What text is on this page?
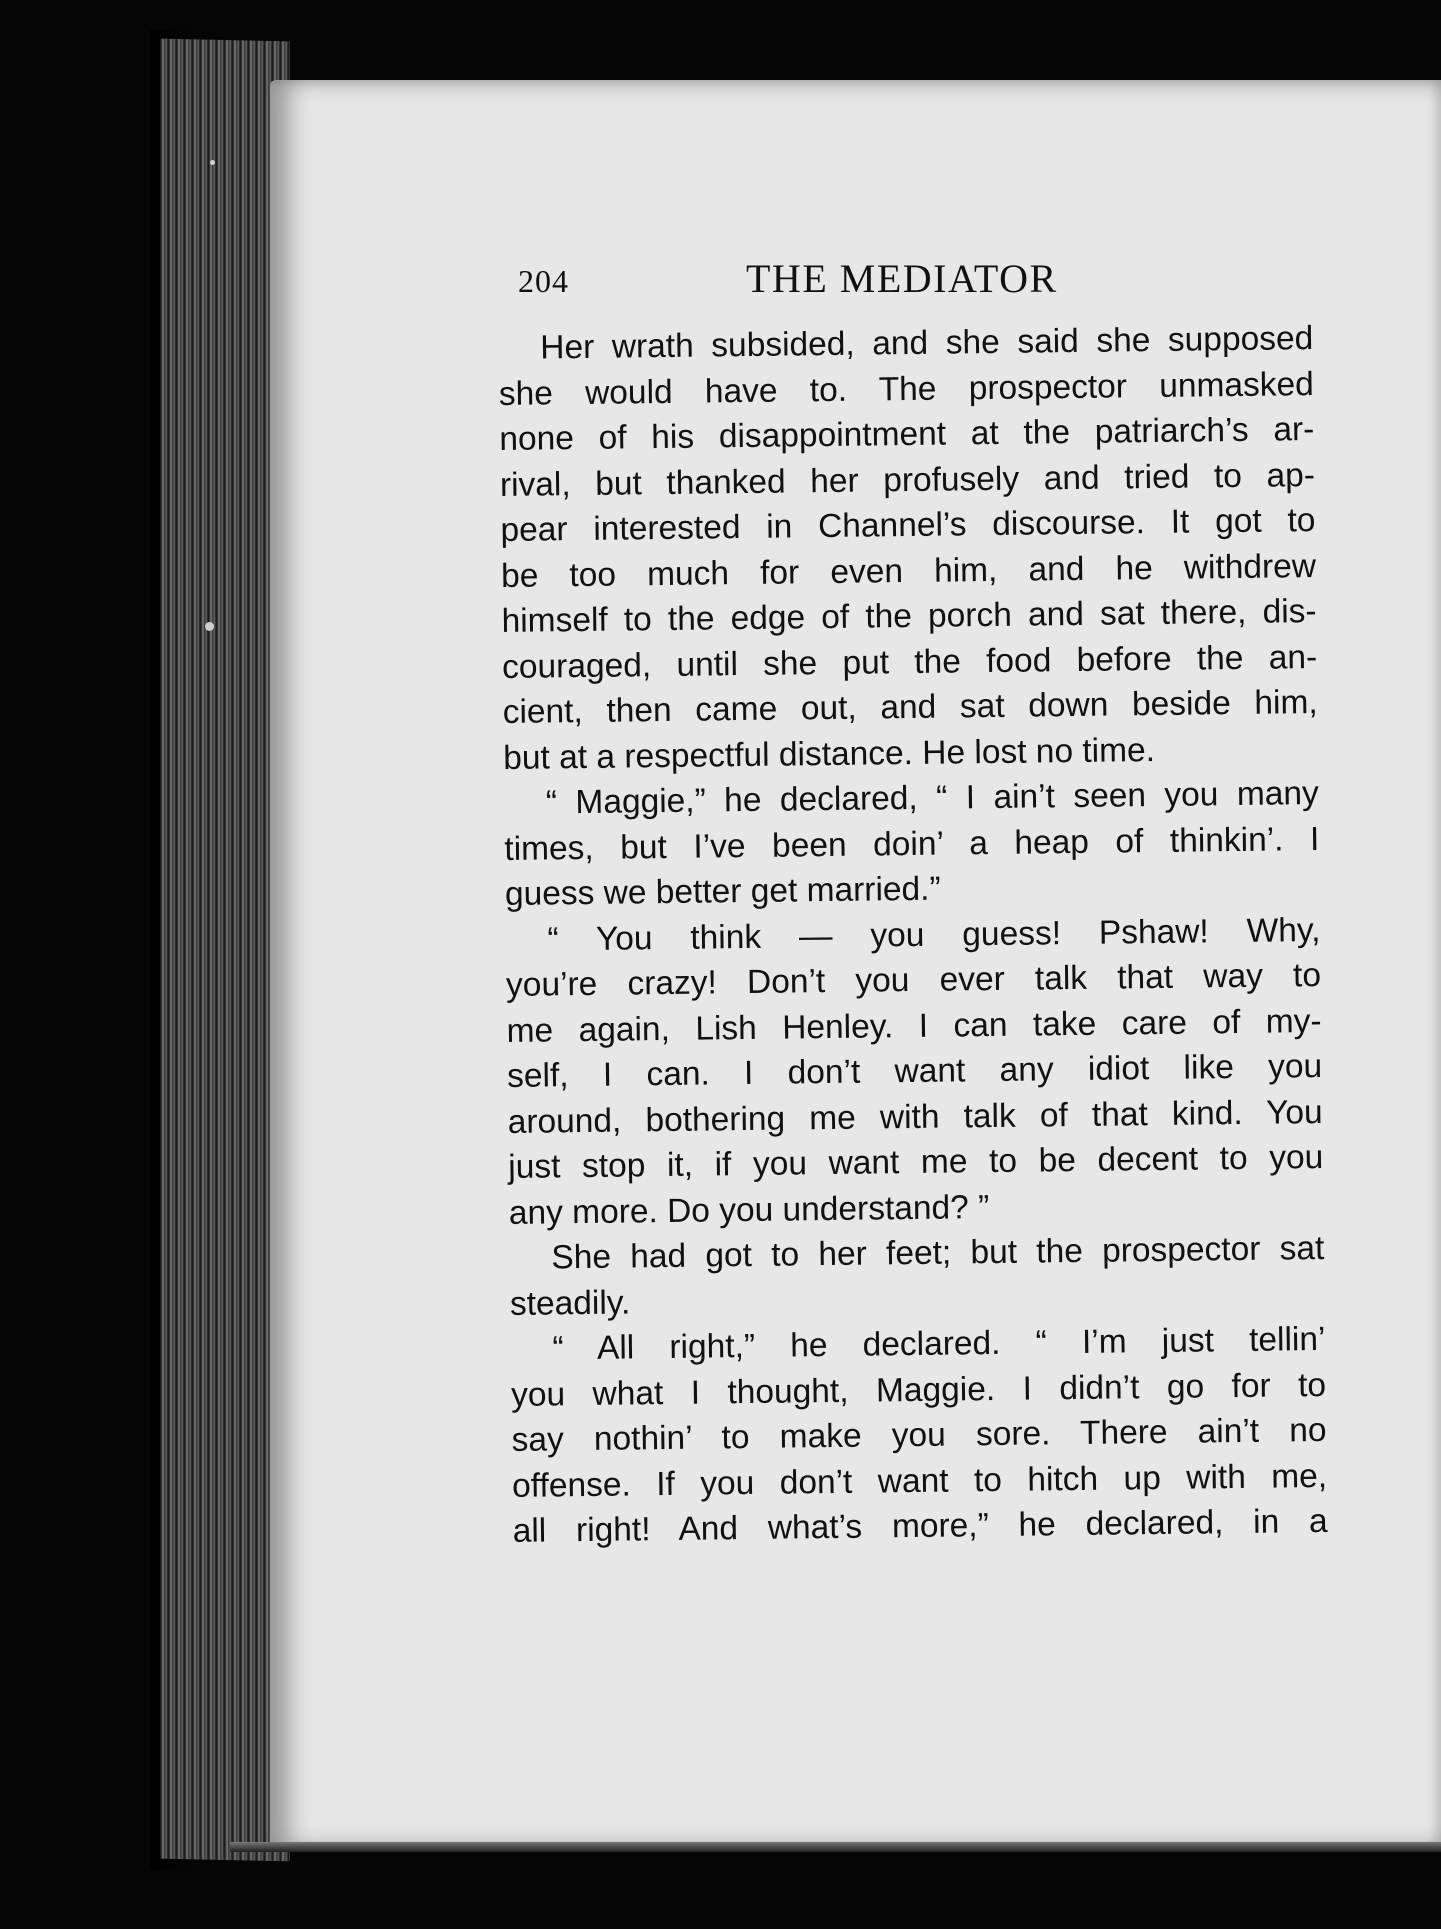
204	THE MEDIATOR
Her wrath subsided, and she said she supposed
she would have to. The prospector unmasked
none of his disappointment at the patriarch’s ar-
rival, but thanked her profusely and tried to ap-
pear interested in Channel’s discourse. It got to
be too much for even him, and he withdrew
himself to the edge of the porch and sat there, dis-
couraged, until she put the food before the an-
cient, then came out, and sat down beside him,
but at a respectful distance. He lost no time.
“ Maggie,” he declared, “ I ain’t seen you many
times, but I’ve been doin’ a heap of thinkin’. I
guess we better get married.”
“ You think — you guess! Pshaw! Why,
you’re crazy! Don’t you ever talk that way to
me again, Lish Henley. I can take care of my-
self, I can. I don’t want any idiot like you
around, bothering me with talk of that kind. You
just stop it, if you want me to be decent to you
any more. Do you understand? ”
She had got to her feet; but the prospector sat
steadily.
“ All right,” he declared. “ I’m just tellin’
you what I thought, Maggie. I didn’t go for to
say nothin’ to make you sore. There ain’t no
offense. If you don’t want to hitch up with me,
all right! And what’s more,” he declared, in a
